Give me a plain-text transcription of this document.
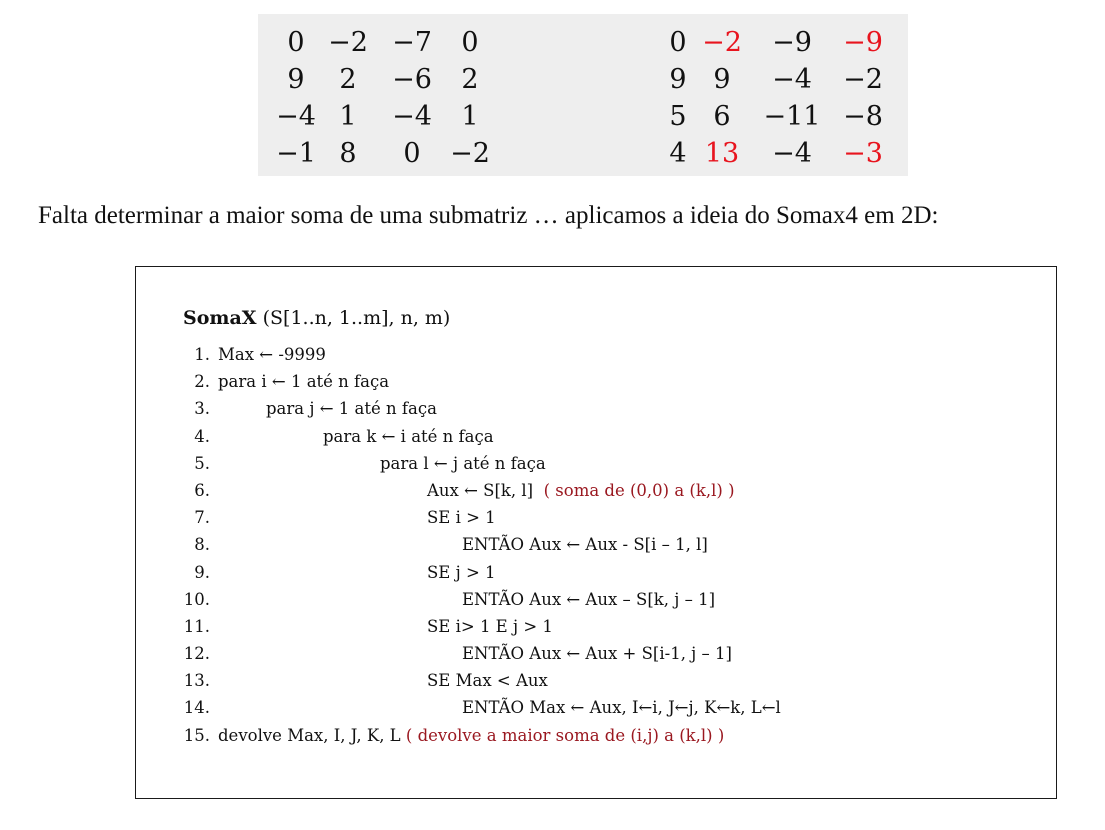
0 −2 −7	0
9	2	−6	2
−4 1	−4	1
−1 8	0	−2
0 −2	−9	−9
9 9	−4	−2
5 6	−11 −8
4 13	−4	−3
Falta determinar a maior soma de uma submatriz … aplicamos a ideia do Somax4 em 2D:
SomaX (S[1..n, 1..m], n, m)
1. Max ← -9999
2. para i ← 1 até n faça
3.	para j ← 1 até n faça
4.	para k ← i até n faça
5.	para l ← j até n faça
6.	Aux ← S[k, l] ( soma de (0,0) a (k,l) )
7.	SE i > 1
8.	ENTÃO Aux ← Aux - S[i – 1, l]
9.	SE j > 1
10.	ENTÃO Aux ← Aux – S[k, j – 1]
11.	SE i> 1 E j > 1
12.	ENTÃO Aux ← Aux + S[i-1, j – 1]
13.	SE Max < Aux
14.	ENTÃO Max ← Aux, I←i, J←j, K←k, L←l
15. devolve Max, I, J, K, L ( devolve a maior soma de (i,j) a (k,l) )
